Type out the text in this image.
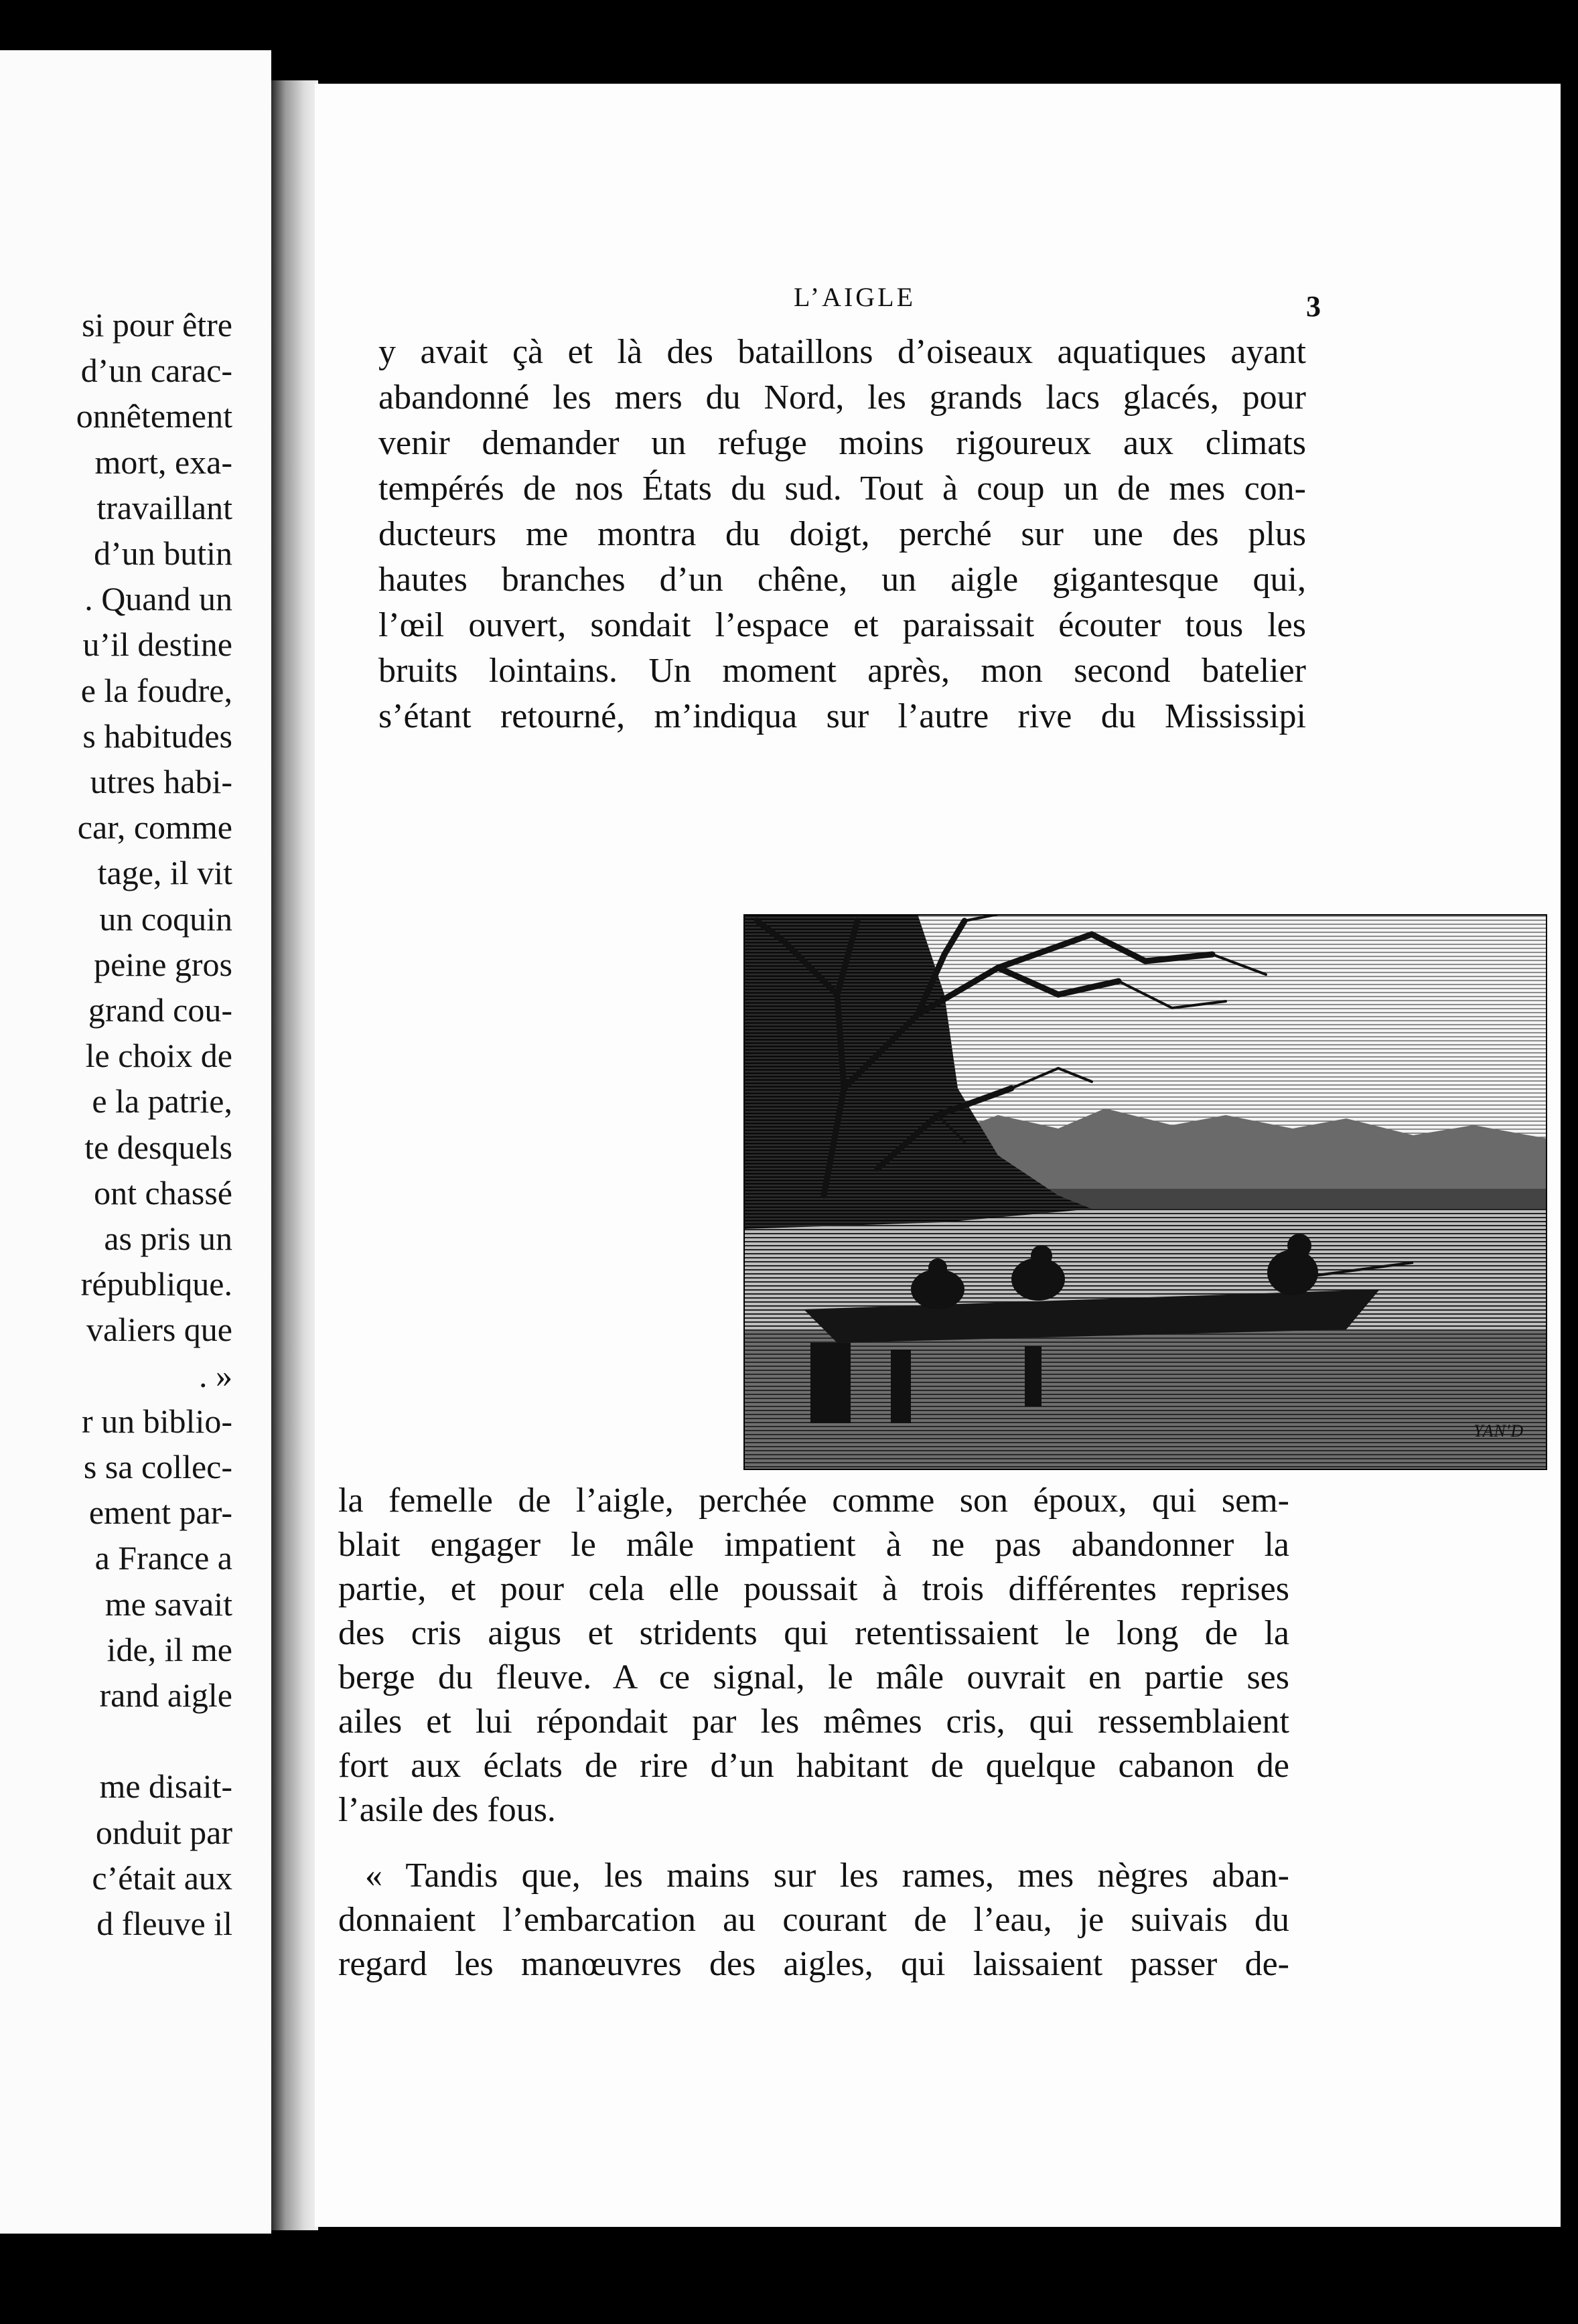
si pour être
d’un carac-
onnêtement
mort, exa-
travaillant
d’un butin
. Quand un
u’il destine
e la foudre,
s habitudes
utres habi-
car, comme
tage, il vit
un coquin
peine gros
grand cou-
le choix de
e la patrie,
te desquels
ont chassé
as pris un
république.
valiers que
. »
r un biblio-
s sa collec-
ement par-
a France a
me savait
ide, il me
rand aigle
me disait-
onduit par
c’était aux
d fleuve il
L’AIGLE	3
y avait çà et là des bataillons d’oiseaux aquatiques ayant
abandonné les mers du Nord, les grands lacs glacés, pour
venir demander un refuge moins rigoureux aux climats
tempérés de nos États du sud. Tout à coup un de mes con-
ducteurs me montra du doigt, perché sur une des plus
hautes branches d’un chêne, un aigle gigantesque qui,
l’œil ouvert, sondait l’espace et paraissait écouter tous les
bruits lointains. Un moment après, mon second batelier
s’étant retourné, m’indiqua sur l’autre rive du Mississipi
YAN'D
la femelle de l’aigle, perchée comme son époux, qui sem-
blait engager le mâle impatient à ne pas abandonner la
partie, et pour cela elle poussait à trois différentes reprises
des cris aigus et stridents qui retentissaient le long de la
berge du fleuve. A ce signal, le mâle ouvrait en partie ses
ailes et lui répondait par les mêmes cris, qui ressemblaient
fort aux éclats de rire d’un habitant de quelque cabanon de
l’asile des fous.
« Tandis que, les mains sur les rames, mes nègres aban-
donnaient l’embarcation au courant de l’eau, je suivais du
regard les manœuvres des aigles, qui laissaient passer de-
